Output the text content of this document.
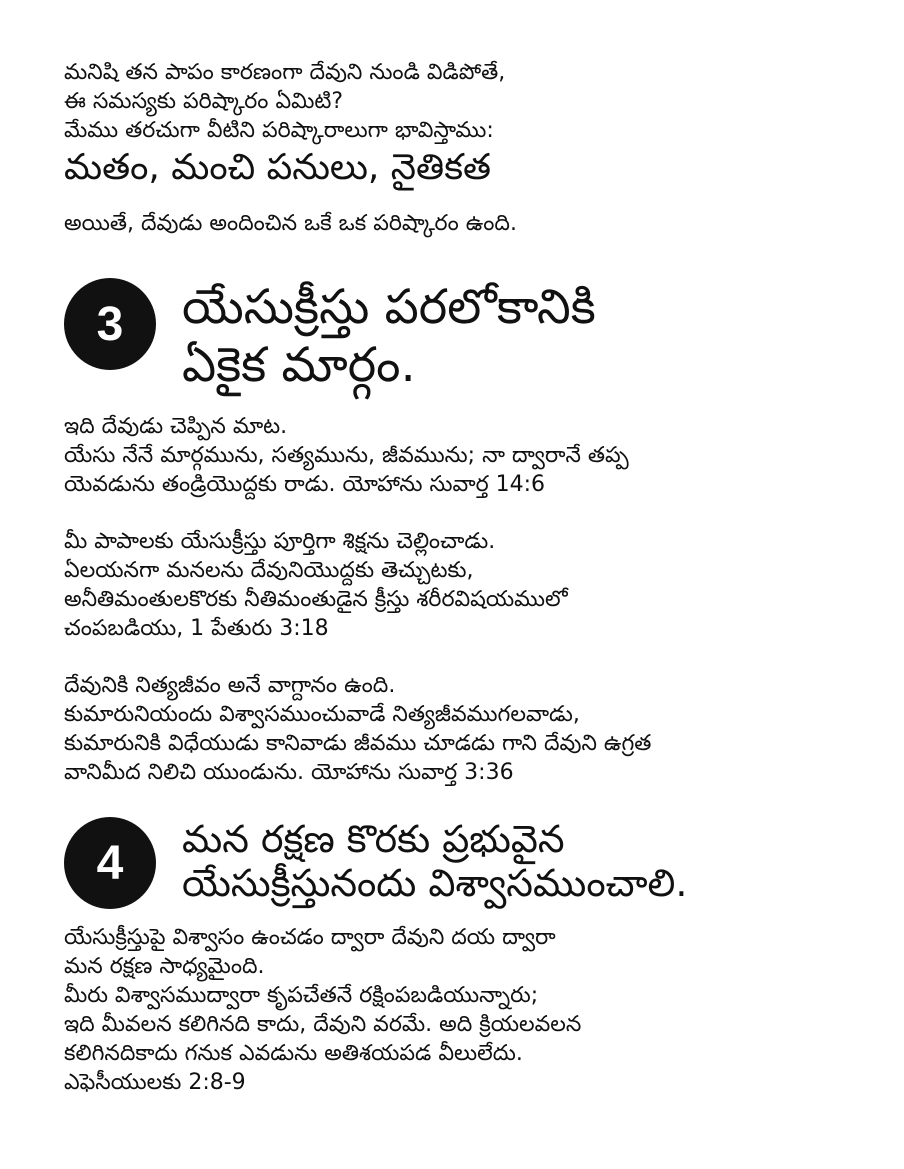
మనిషి తన పాపం కారణంగా దేవుని నుండి విడిపోతే,
ఈ సమస్యకు పరిష్కారం ఏమిటి?
మేము తరచుగా వీటిని పరిష్కారాలుగా భావిస్తాము:

మతం, మంచి పనులు, నైతికత

అయితే, దేవుడు అందించిన ఒకే ఒక పరిష్కారం ఉంది.

3	యేసుక్రీస్తు పరలోకానికి
ఏకైక మార్గం.

ఇది దేవుడు చెప్పిన మాట.
యేసు నేనే మార్గమును, సత్యమును, జీవమును; నా ద్వారానే తప్ప
యెవడును తండ్రియొద్దకు రాడు. యోహాను సువార్త 14:6

మీ పాపాలకు యేసుక్రీస్తు పూర్తిగా శిక్షను చెల్లించాడు.
ఏలయనగా మనలను దేవునియొద్దకు తెచ్చుటకు,
అనీతిమంతులకొరకు నీతిమంతుడైన క్రీస్తు శరీరవిషయములో
చంపబడియు, 1 పేతురు 3:18

దేవునికి నిత్యజీవం అనే వాగ్దానం ఉంది.
కుమారునియందు విశ్వాసముంచువాడే నిత్యజీవముగలవాడు,
కుమారునికి విధేయుడు కానివాడు జీవము చూడడు గాని దేవుని ఉగ్రత
వానిమీద నిలిచి యుండును. యోహాను సువార్త 3:36

4	మన రక్షణ కొరకు ప్రభువైన
యేసుక్రీస్తునందు విశ్వాసముంచాలి.

యేసుక్రీస్తుపై విశ్వాసం ఉంచడం ద్వారా దేవుని దయ ద్వారా
మన రక్షణ సాధ్యమైంది.
మీరు విశ్వాసముద్వారా కృపచేతనే రక్షింపబడియున్నారు;
ఇది మీవలన కలిగినది కాదు, దేవుని వరమే. అది క్రియలవలన
కలిగినదికాదు గనుక ఎవడును అతిశయపడ వీలులేదు.
ఎఫెసీయులకు 2:8-9
